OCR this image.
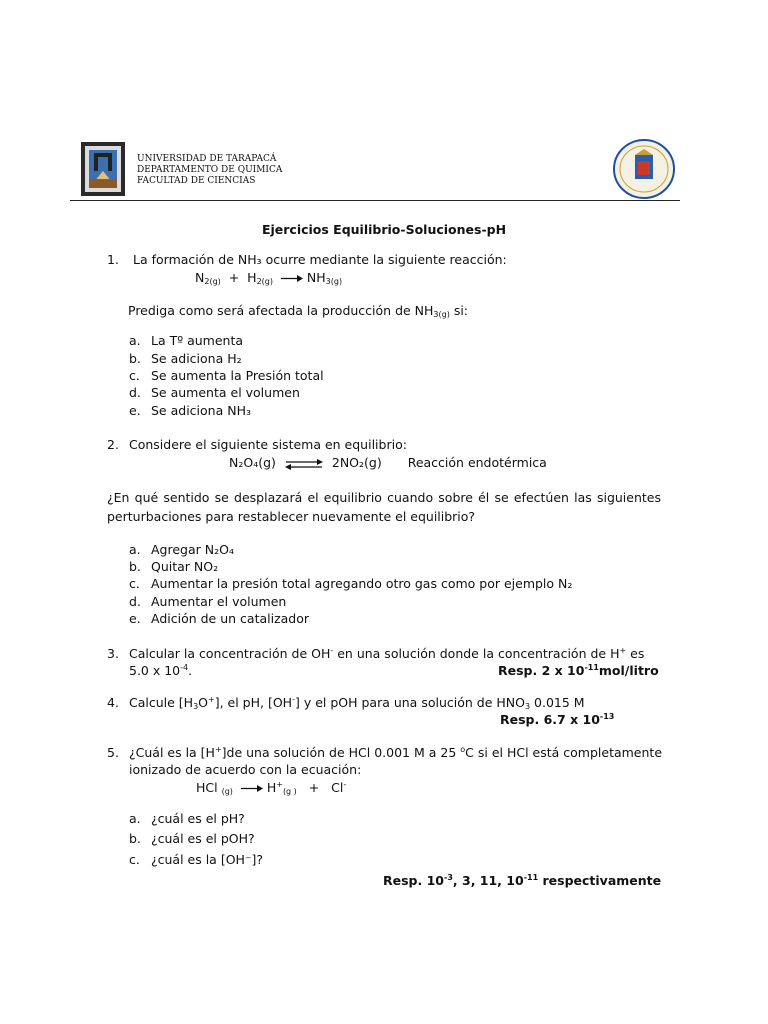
UNIVERSIDAD DE TARAPACÁ
DEPARTAMENTO DE QUIMICA
FACULTAD DE CIENCIAS
Ejercicios Equilibrio-Soluciones-pH
1. La formación de NH₃ ocurre mediante la siguiente reacción:
$N_{2(g)} + H_{2(g)} \to NH_{3(g)}$
Prediga como será afectada la producción de $NH_{3(g)}$ si:
a. La Tº aumenta
b. Se adiciona H₂
c. Se aumenta la Presión total
d. Se aumenta el volumen
e. Se adiciona NH₃
2. Considere el siguiente sistema en equilibrio:
N₂O₄(g) ⇌ 2NO₂(g) Reacción endotérmica
¿En qué sentido se desplazará el equilibrio cuando sobre él se efectúen las siguientes perturbaciones para restablecer nuevamente el equilibrio?
a. Agregar N₂O₄
b. Quitar NO₂
c. Aumentar la presión total agregando otro gas como por ejemplo N₂
d. Aumentar el volumen
e. Adición de un catalizador
3. Calcular la concentración de OH- en una solución donde la concentración de H+ es
5.0 x $10^{-4}$.	Resp. 2 x $10^{-11}mol$/litro
4. Calcule $[H_3O^+]$, el pH, [OH-] y el pOH para una solución de $HNO_3$ 0.015 M
Resp. 6.7 x $10^{-13}$
5. ¿Cuál es la [H+]de una solución de HCl 0.001 M a 25 $^o$C si el HCl está completamente
ionizado de acuerdo con la ecuación:
HCl $_{(g)} \to H^+_{(g )} + Cl^-$
a. ¿cuál es el pH?
b. ¿cuál es el pOH?
c. ¿cuál es la [OH⁻]?
Resp. $10^{-3}$, 3, 11, $10^{-11}$ respectivamente
